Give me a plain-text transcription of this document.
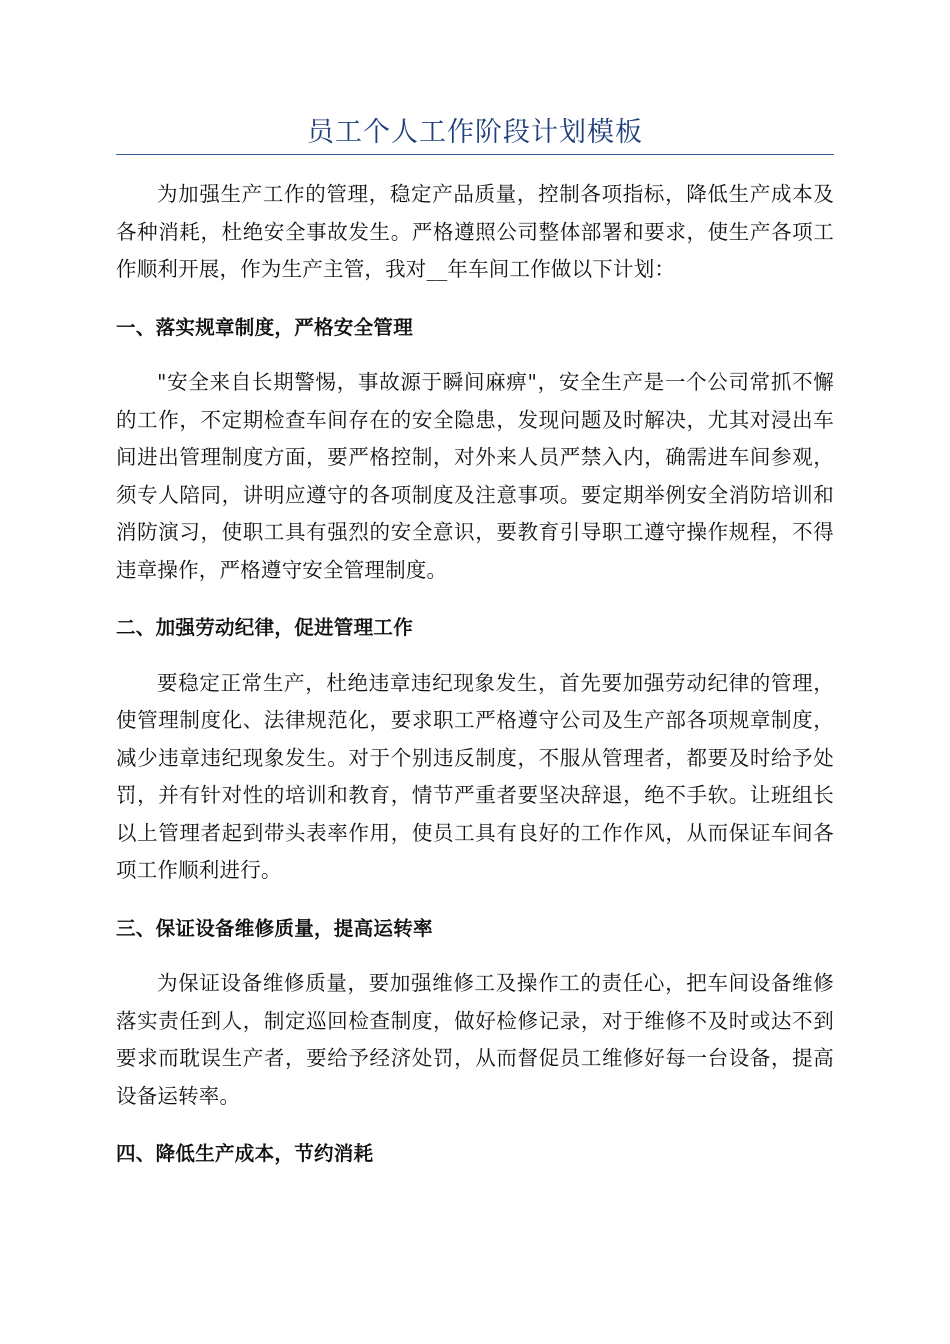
员工个人工作阶段计划模板

为加强生产工作的管理，稳定产品质量，控制各项指标，降低生产成本及各种消耗，杜绝安全事故发生。严格遵照公司整体部署和要求，使生产各项工作顺利开展，作为生产主管，我对__年车间工作做以下计划：

一、落实规章制度，严格安全管理

"安全来自长期警惕，事故源于瞬间麻痹"，安全生产是一个公司常抓不懈的工作，不定期检查车间存在的安全隐患，发现问题及时解决，尤其对浸出车间进出管理制度方面，要严格控制，对外来人员严禁入内，确需进车间参观，须专人陪同，讲明应遵守的各项制度及注意事项。要定期举例安全消防培训和消防演习，使职工具有强烈的安全意识，要教育引导职工遵守操作规程，不得违章操作，严格遵守安全管理制度。

二、加强劳动纪律，促进管理工作

要稳定正常生产，杜绝违章违纪现象发生，首先要加强劳动纪律的管理，使管理制度化、法律规范化，要求职工严格遵守公司及生产部各项规章制度，减少违章违纪现象发生。对于个别违反制度，不服从管理者，都要及时给予处罚，并有针对性的培训和教育，情节严重者要坚决辞退，绝不手软。让班组长以上管理者起到带头表率作用，使员工具有良好的工作作风，从而保证车间各项工作顺利进行。

三、保证设备维修质量，提高运转率

为保证设备维修质量，要加强维修工及操作工的责任心，把车间设备维修落实责任到人，制定巡回检查制度，做好检修记录，对于维修不及时或达不到要求而耽误生产者，要给予经济处罚，从而督促员工维修好每一台设备，提高设备运转率。

四、降低生产成本，节约消耗
